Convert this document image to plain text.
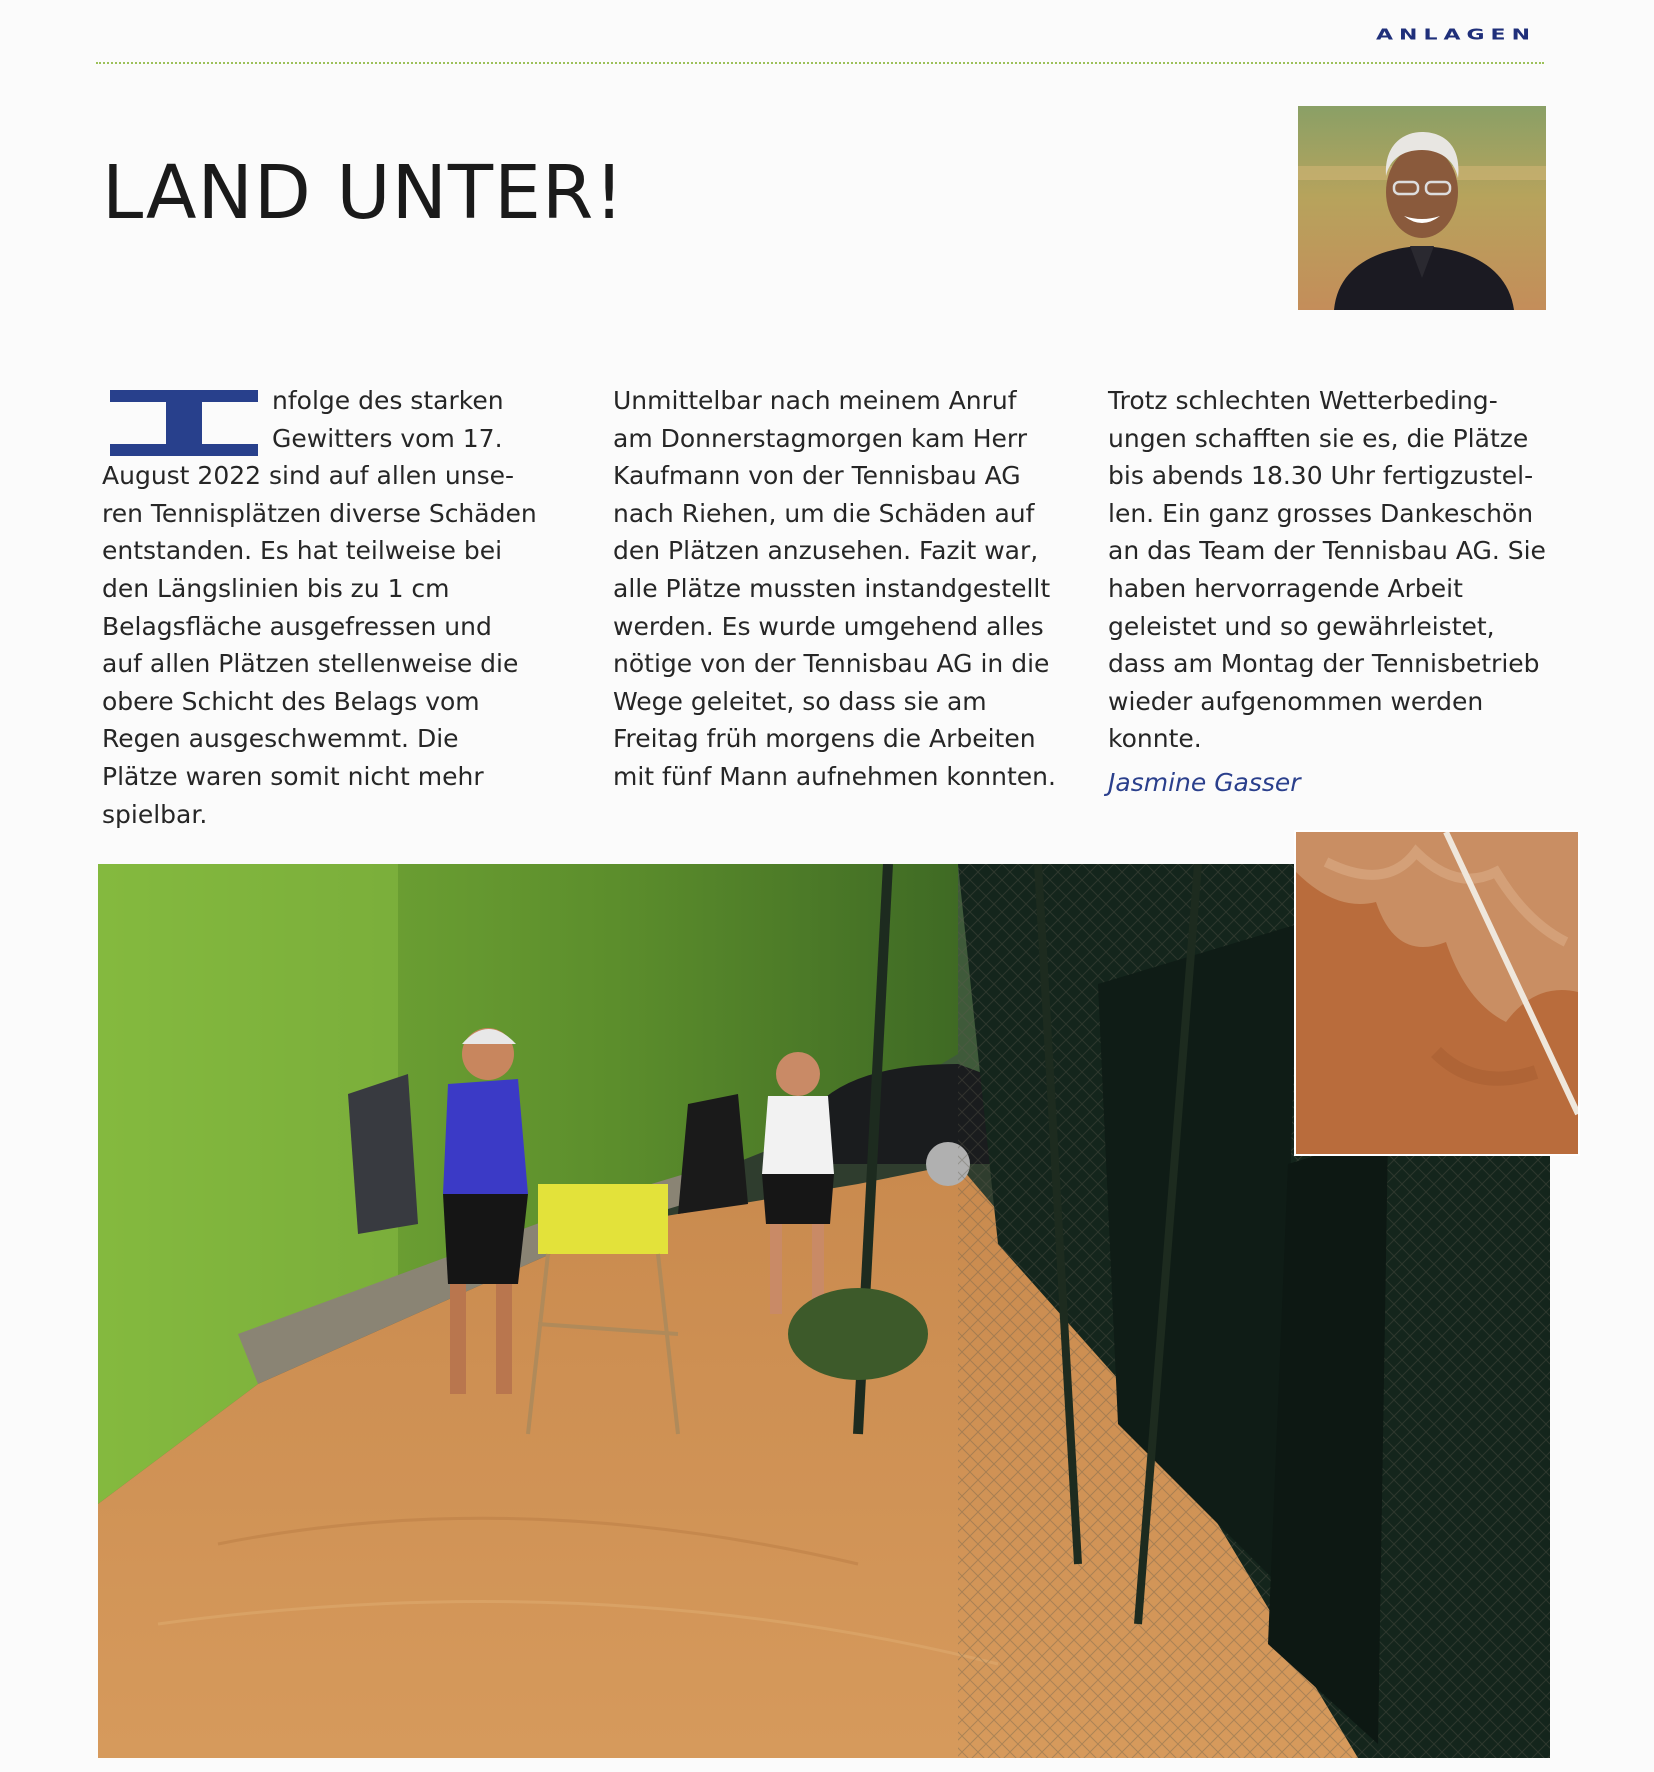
ANLAGEN
LAND UNTER!

nfolge des starken Gewitters vom 17. August 2022 sind auf allen unseren Tennisplätzen diverse Schäden entstanden. Es hat teilweise bei den Längslinien bis zu 1 cm Belagsfläche ausgefressen und auf allen Plätzen stellenweise die obere Schicht des Belags vom Regen ausgeschwemmt. Die Plätze waren somit nicht mehr spielbar.

Unmittelbar nach meinem Anruf am Donnerstagmorgen kam Herr Kaufmann von der Tennisbau AG nach Riehen, um die Schäden auf den Plätzen anzusehen. Fazit war, alle Plätze mussten instandgestellt werden. Es wurde umgehend alles nötige von der Tennisbau AG in die Wege geleitet, so dass sie am Freitag früh morgens die Arbeiten mit fünf Mann aufnehmen konnten.

Trotz schlechten Wetterbedingungen schafften sie es, die Plätze bis abends 18.30 Uhr fertigzustellen. Ein ganz grosses Dankeschön an das Team der Tennisbau AG. Sie haben hervorragende Arbeit geleistet und so gewährleistet, dass am Montag der Tennisbetrieb wieder aufgenommen werden konnte.

Jasmine Gasser
